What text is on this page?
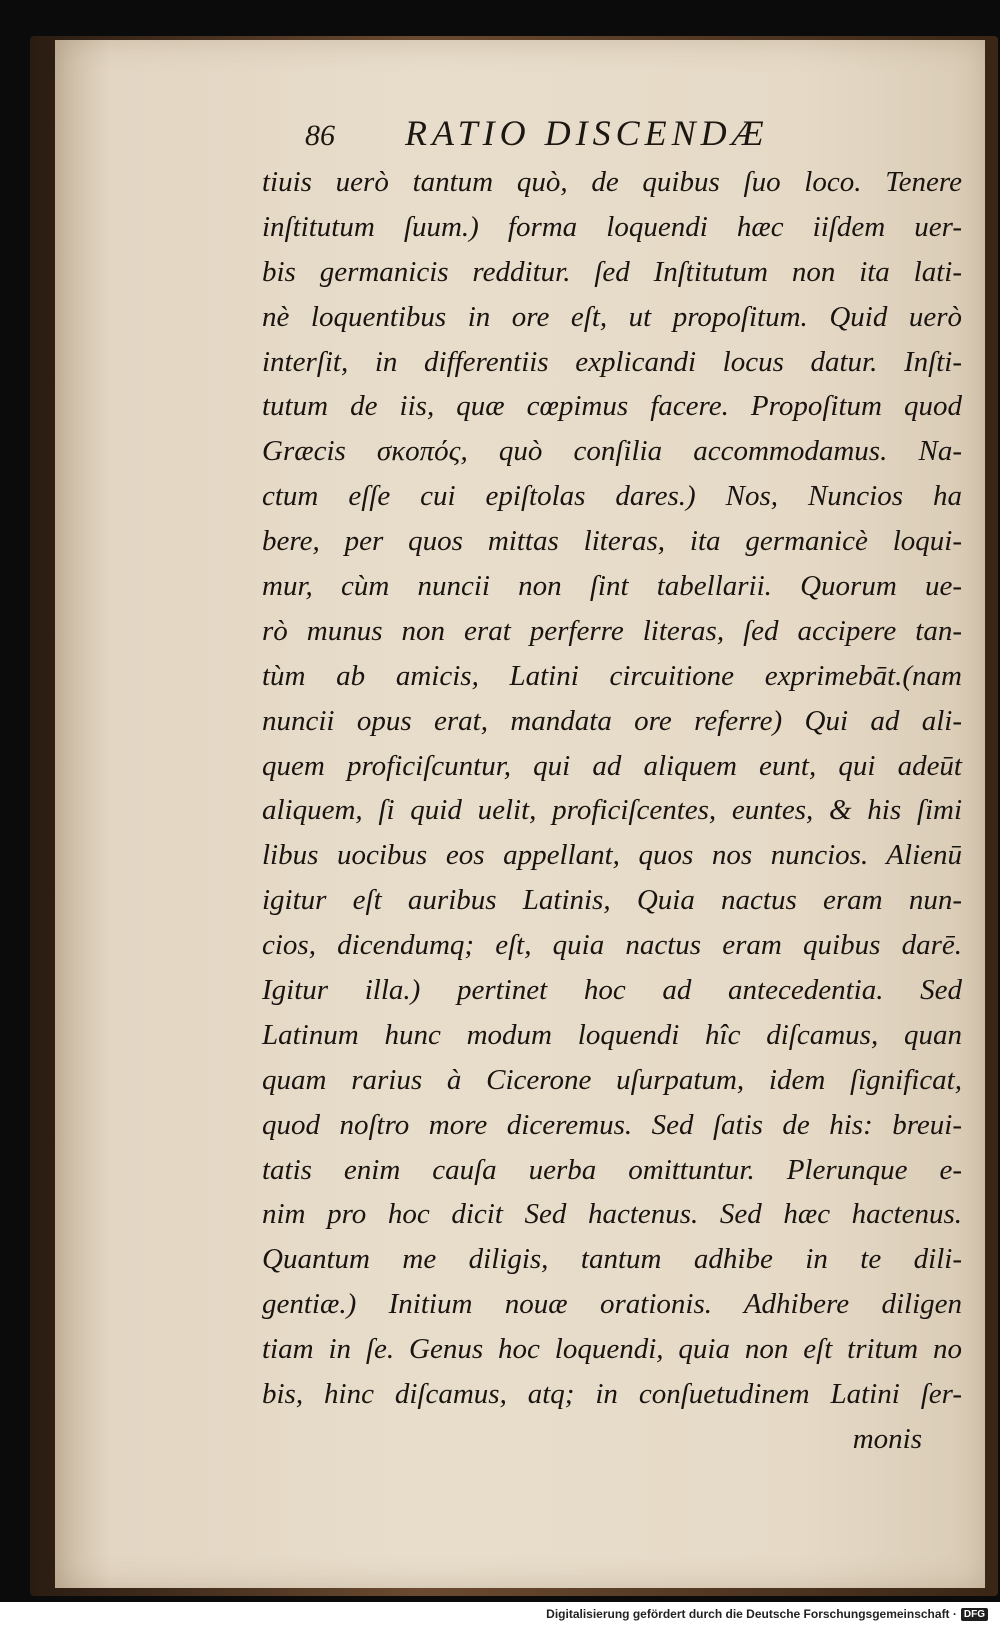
86 RATIO DISCENDÆ
tiuis uerò tantum quò, de quibus ſuo loco. Tenere
inſtitutum ſuum.) forma loquendi hæc iiſdem uer-
bis germanicis redditur. ſed Inſtitutum non ita lati-
nè loquentibus in ore eſt, ut propoſitum. Quid uerò
interſit, in differentiis explicandi locus datur. Inſti-
tutum de iis, quæ cœpimus facere. Propoſitum quod
Græcis σκοπός, quò conſilia accommodamus. Na-
ctum eſſe cui epiſtolas dares.) Nos, Nuncios ha
bere, per quos mittas literas, ita germanicè loqui-
mur, cùm nuncii non ſint tabellarii. Quorum ue-
rò munus non erat perferre literas, ſed accipere tan-
tùm ab amicis, Latini circuitione exprimebāt.(nam
nuncii opus erat, mandata ore referre) Qui ad ali-
quem proficiſcuntur, qui ad aliquem eunt, qui adeūt
aliquem, ſi quid uelit, proficiſcentes, euntes, & his ſimi
libus uocibus eos appellant, quos nos nuncios. Alienū
igitur eſt auribus Latinis, Quia nactus eram nun-
cios, dicendumq; eſt, quia nactus eram quibus darē.
Igitur illa.) pertinet hoc ad antecedentia. Sed
Latinum hunc modum loquendi hîc diſcamus, quan
quam rarius à Cicerone uſurpatum, idem ſignificat,
quod noſtro more diceremus. Sed ſatis de his: breui-
tatis enim cauſa uerba omittuntur. Plerunque e-
nim pro hoc dicit Sed hactenus. Sed hæc hactenus.
Quantum me diligis, tantum adhibe in te dili-
gentiæ.) Initium nouæ orationis. Adhibere diligen
tiam in ſe. Genus hoc loquendi, quia non eſt tritum no
bis, hinc diſcamus, atq; in conſuetudinem Latini ſer-
monis
Digitalisierung gefördert durch die Deutsche Forschungsgemeinschaft · DFG
